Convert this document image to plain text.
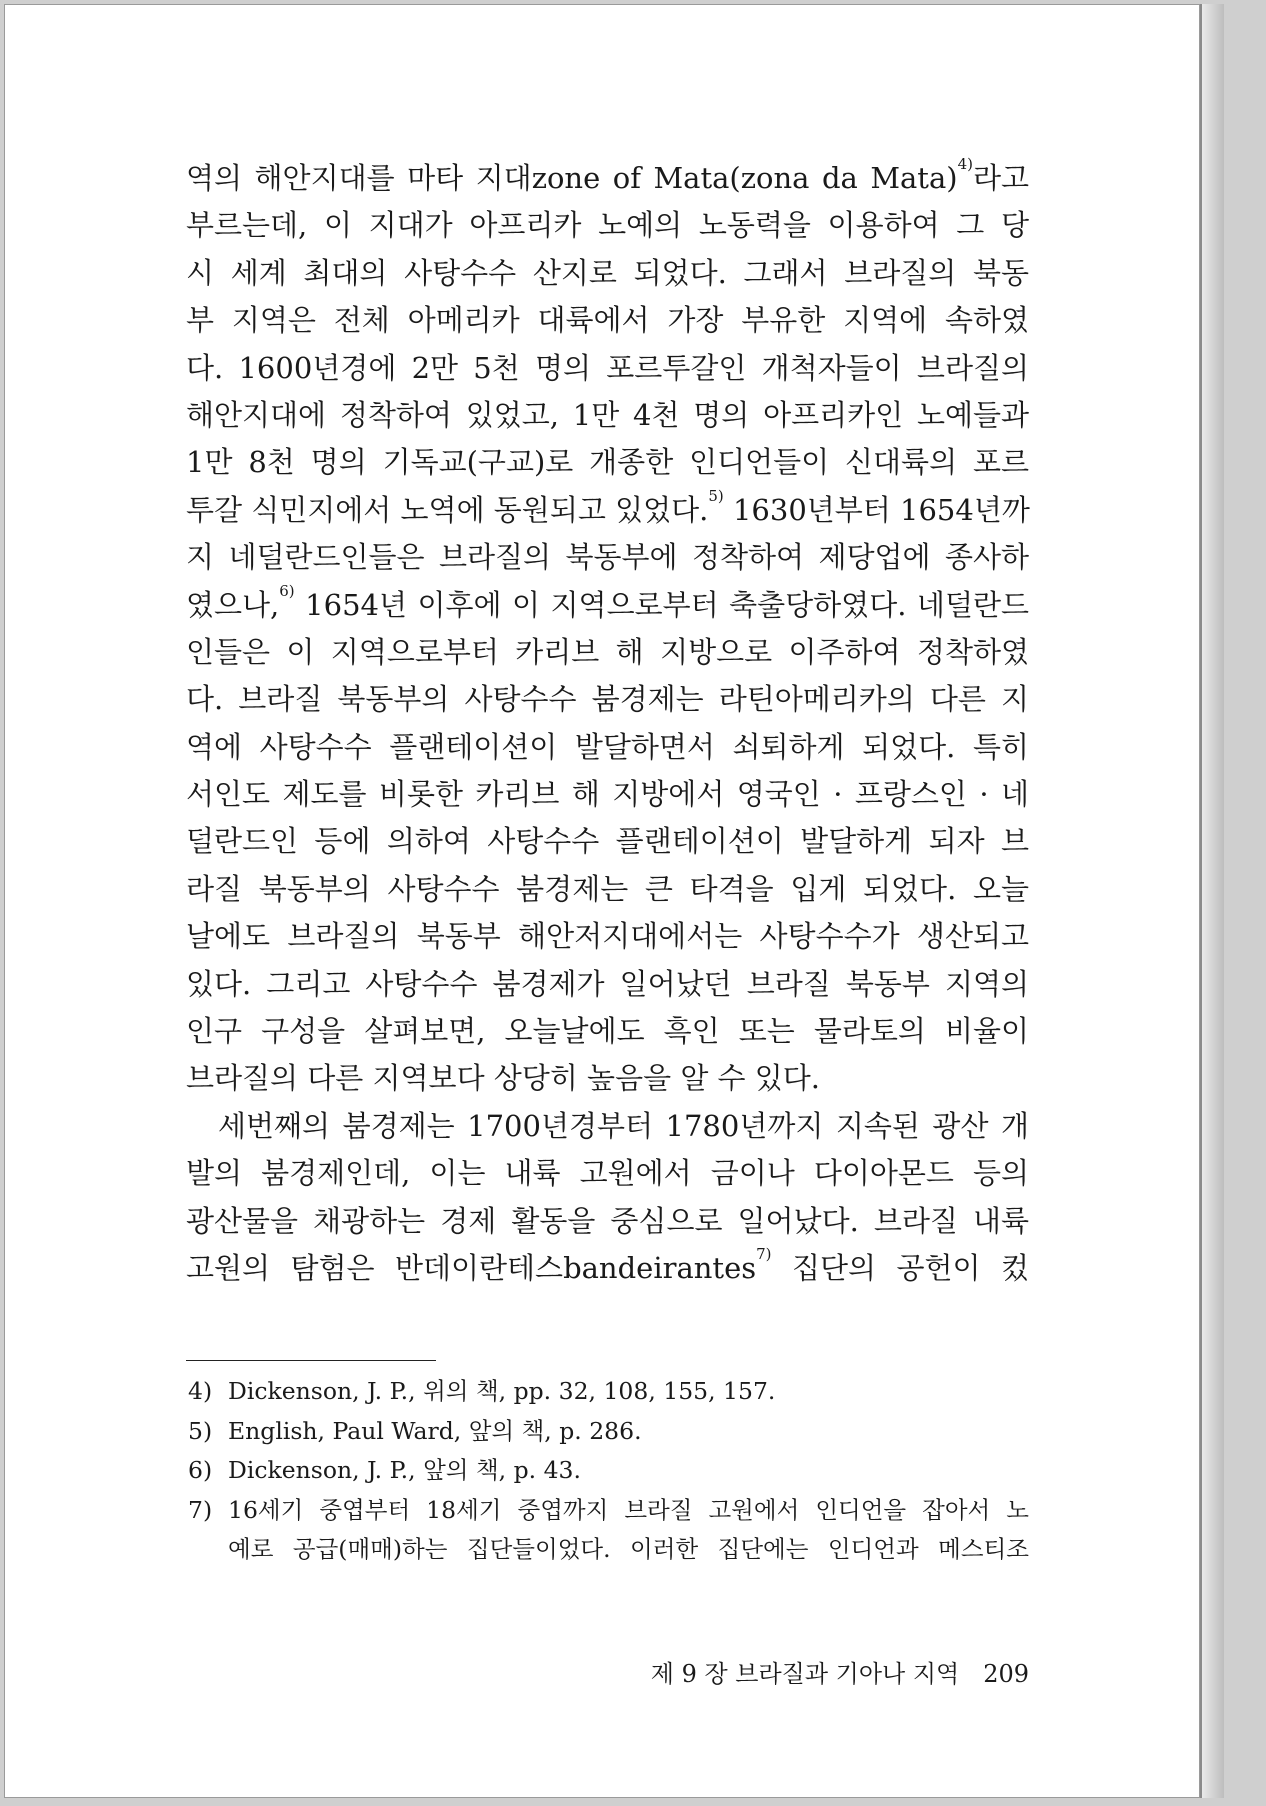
역의 해안지대를 마타 지대zone of Mata(zona da Mata)$^{4)}$라고
부르는데, 이 지대가 아프리카 노예의 노동력을 이용하여 그 당
시 세계 최대의 사탕수수 산지로 되었다. 그래서 브라질의 북동
부 지역은 전체 아메리카 대륙에서 가장 부유한 지역에 속하였
다. 1600년경에 2만 5천 명의 포르투갈인 개척자들이 브라질의
해안지대에 정착하여 있었고, 1만 4천 명의 아프리카인 노예들과
1만 8천 명의 기독교(구교)로 개종한 인디언들이 신대륙의 포르
투갈 식민지에서 노역에 동원되고 있었다.$^{5)}$ 1630년부터 1654년까
지 네덜란드인들은 브라질의 북동부에 정착하여 제당업에 종사하
였으나,$^{6)}$ 1654년 이후에 이 지역으로부터 축출당하였다. 네덜란드
인들은 이 지역으로부터 카리브 해 지방으로 이주하여 정착하였
다. 브라질 북동부의 사탕수수 붐경제는 라틴아메리카의 다른 지
역에 사탕수수 플랜테이션이 발달하면서 쇠퇴하게 되었다. 특히
서인도 제도를 비롯한 카리브 해 지방에서 영국인 · 프랑스인 · 네
덜란드인 등에 의하여 사탕수수 플랜테이션이 발달하게 되자 브
라질 북동부의 사탕수수 붐경제는 큰 타격을 입게 되었다. 오늘
날에도 브라질의 북동부 해안저지대에서는 사탕수수가 생산되고
있다. 그리고 사탕수수 붐경제가 일어났던 브라질 북동부 지역의
인구 구성을 살펴보면, 오늘날에도 흑인 또는 물라토의 비율이
브라질의 다른 지역보다 상당히 높음을 알 수 있다.
세번째의 붐경제는 1700년경부터 1780년까지 지속된 광산 개
발의 붐경제인데, 이는 내륙 고원에서 금이나 다이아몬드 등의
광산물을 채광하는 경제 활동을 중심으로 일어났다. 브라질 내륙
고원의 탐험은 반데이란테스bandeirantes$^{7)}$ 집단의 공헌이 컸
4) Dickenson, J. P., 위의 책, pp. 32, 108, 155, 157.
5) English, Paul Ward, 앞의 책, p. 286.
6) Dickenson, J. P., 앞의 책, p. 43.
7) 16세기 중엽부터 18세기 중엽까지 브라질 고원에서 인디언을 잡아서 노
예로 공급(매매)하는 집단들이었다. 이러한 집단에는 인디언과 메스티조
제 9 장 브라질과 기아나 지역 209
